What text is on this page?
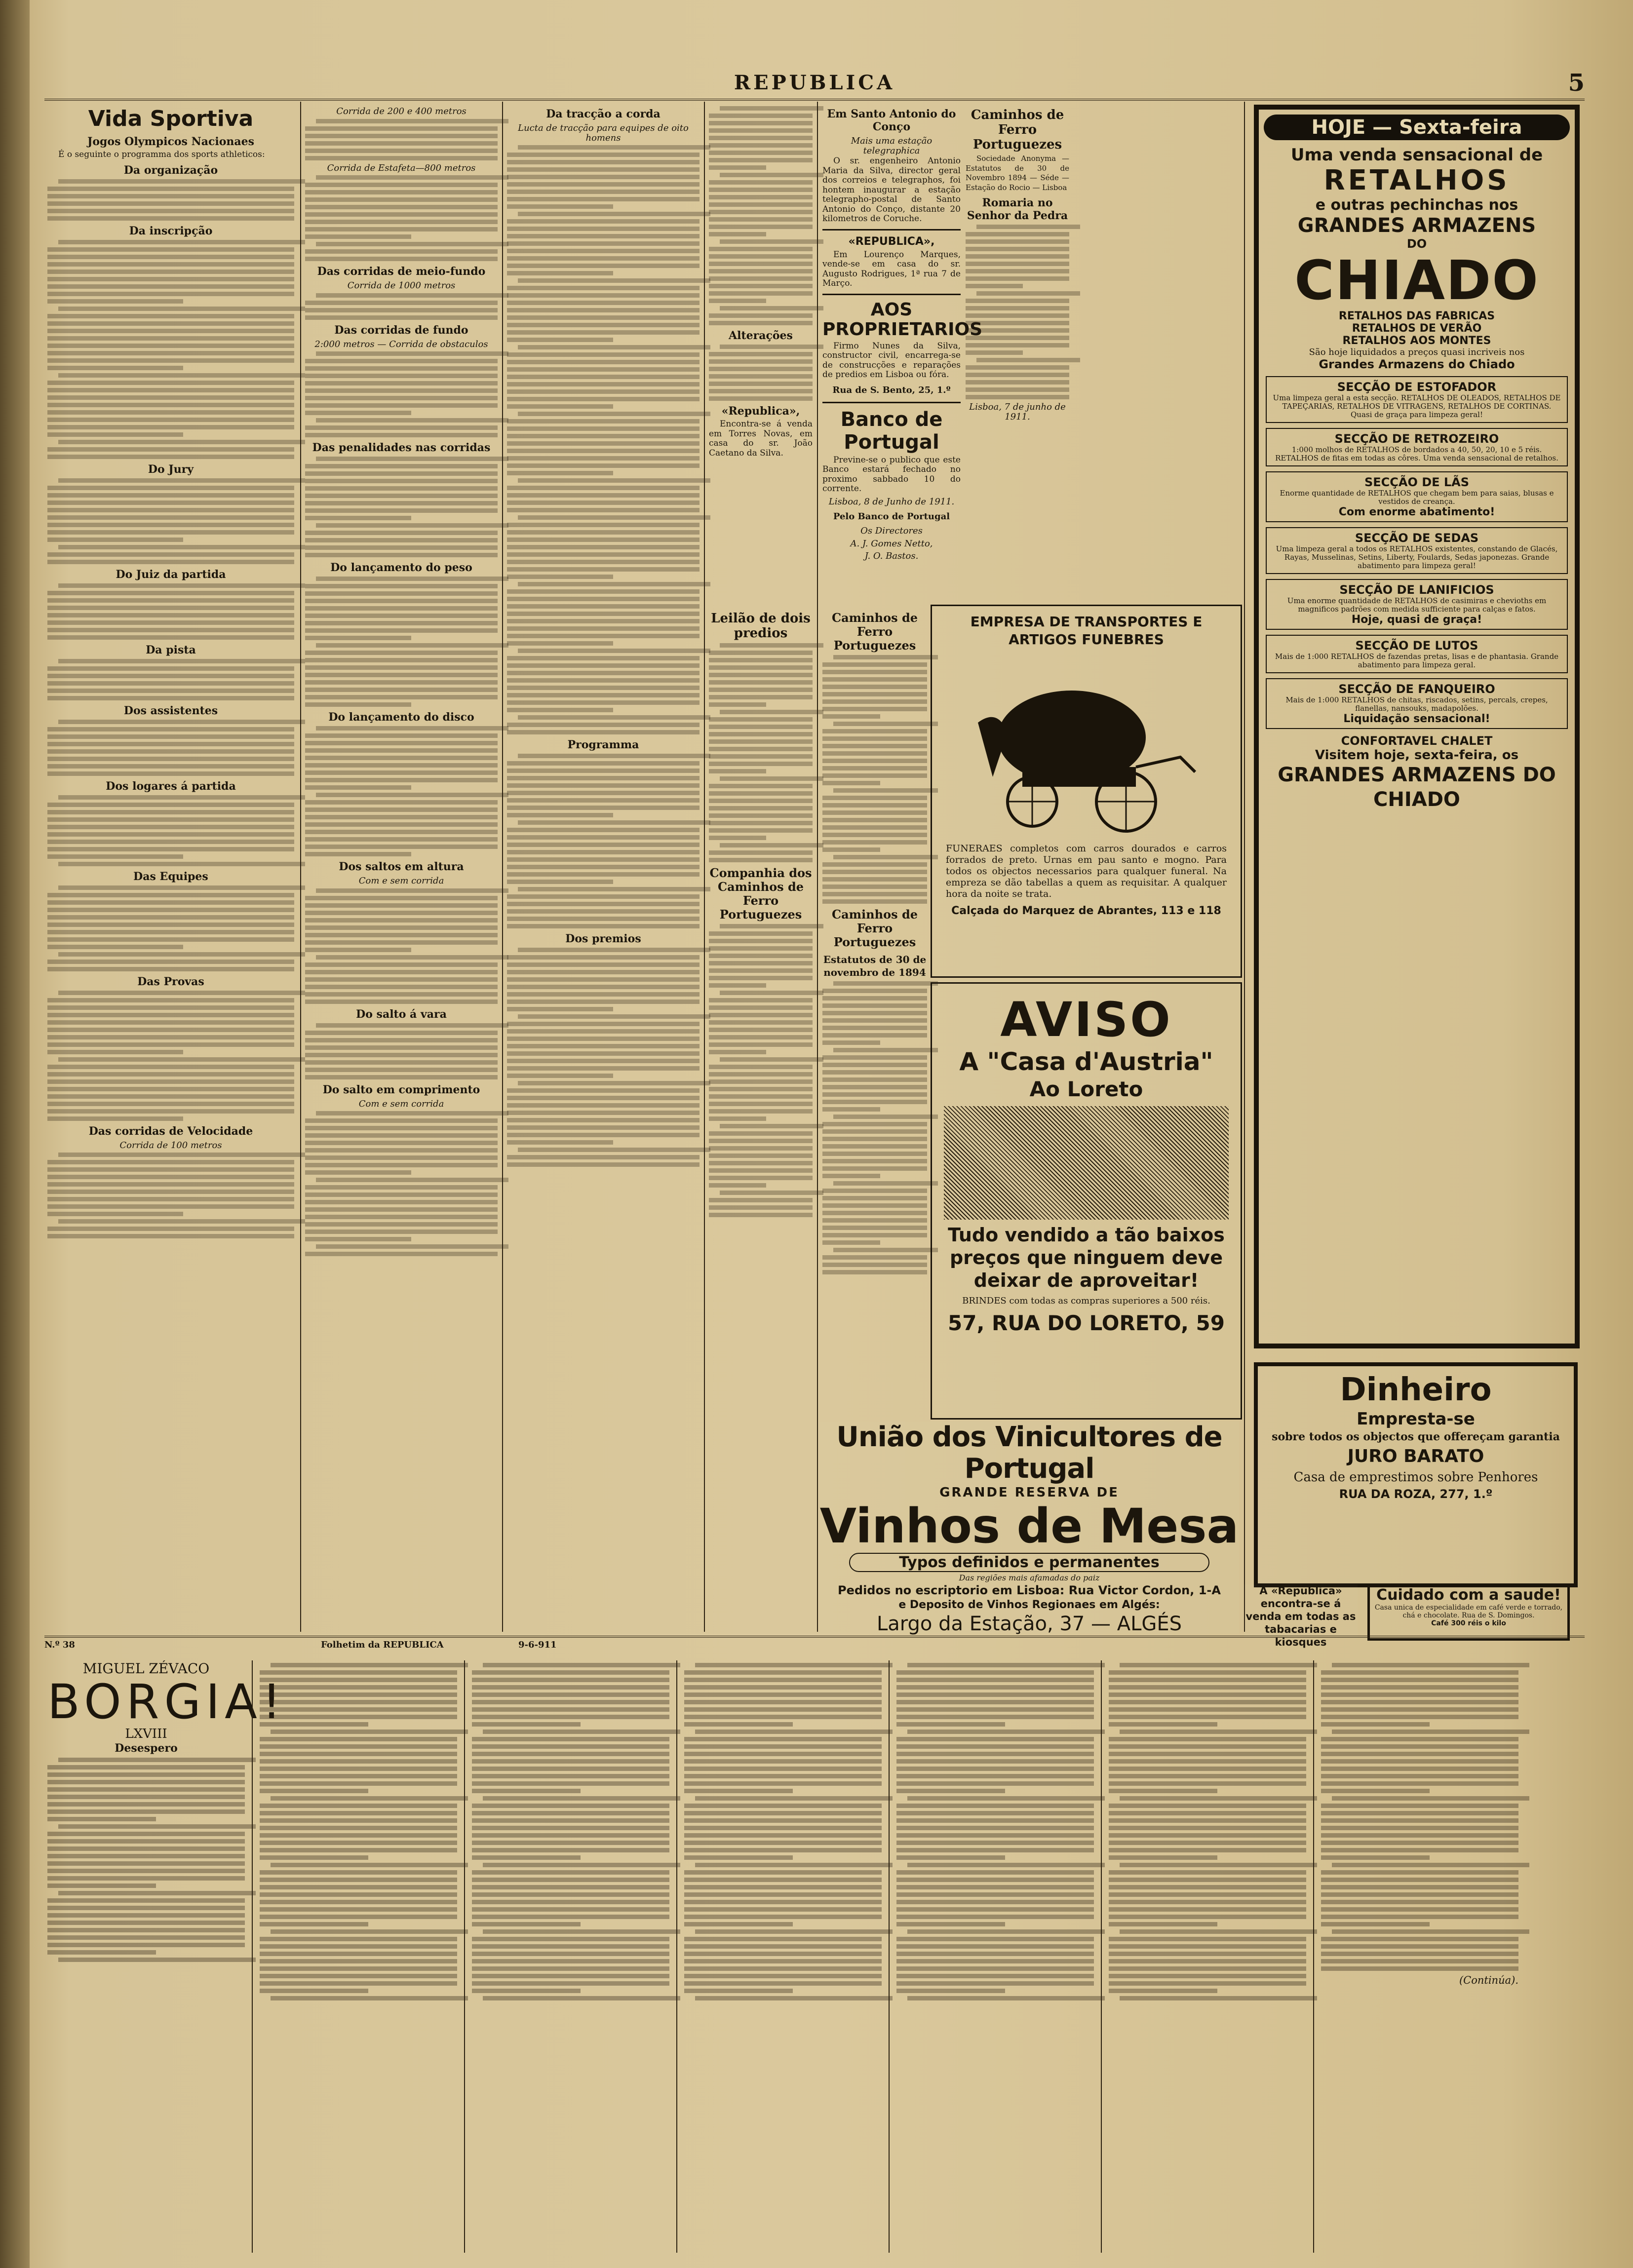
REPUBLICA	5
Vida Sportiva
Jogos Olympicos Nacionaes

É o seguinte o programma dos sports athleticos:

Da organização
Da inscripção
Do Jury
Do Juiz da partida
Da pista
Dos assistentes
Dos logares á partida
Das Equipes
Das Provas
Das corridas de Velocidade
Corrida de 100 metros
Corrida de 200 e 400 metros
Corrida de Estafeta—800 metros
Das corridas de meio-fundo
Corrida de 1000 metros
Das corridas de fundo
2:000 metros — Corrida de obstaculos
Das penalidades nas corridas
Do lançamento do peso
Do lançamento do disco
Dos saltos em altura
Com e sem corrida
Do salto á vara
Do salto em comprimento
Com e sem corrida
Da tracção a corda
Lucta de tracção para equipes de oito homens
Programma
Dos premios
Alterações
«Republica»,

Encontra-se á venda em Torres Novas, em casa do sr. João Caetano da Silva.

Em Santo Antonio do Conço
Mais uma estação telegraphica

O sr. engenheiro Antonio Maria da Silva, director geral dos correios e telegraphos, foi hontem inaugurar a estação telegrapho-postal de Santo Antonio do Conço, distante 20 kilometros de Coruche.

«REPUBLICA»,

Em Lourenço Marques, vende-se em casa do sr. Augusto Rodrigues, 1ª rua 7 de Março.

AOS PROPRIETARIOS

Firmo Nunes da Silva, constructor civil, encarrega-se de construcções e reparações de predios em Lisboa ou fóra.

Rua de S. Bento, 25, 1.º
Banco de Portugal

Previne-se o publico que este Banco estará fechado no proximo sabbado 10 do corrente.

Lisboa, 8 de Junho de 1911.
Pelo Banco de Portugal
Os Directores
A. J. Gomes Netto,
J. O. Bastos.
Caminhos de Ferro Portuguezes

Sociedade Anonyma — Estatutos de 30 de Novembro 1894 — Séde — Estação do Rocio — Lisboa

Romaria no Senhor da Pedra
Lisboa, 7 de junho de 1911.
Leilão de dois predios
Companhia dos Caminhos de Ferro Portuguezes
Caminhos de Ferro Portuguezes
Caminhos de Ferro Portuguezes
Estatutos de 30 de novembro de 1894
EMPRESA DE TRANSPORTES E ARTIGOS FUNEBRES
FUNERAES completos com carros dourados e carros forrados de preto. Urnas em pau santo e mogno. Para todos os objectos necessarios para qualquer funeral. Na empreza se dão tabellas a quem as requisitar. A qualquer hora da noite se trata.
Calçada do Marquez de Abrantes, 113 e 118
AVISO
A "Casa d'Austria"
Ao Loreto
Tudo vendido a tão baixos preços que ninguem deve deixar de aproveitar!
BRINDES com todas as compras superiores a 500 réis.
57, RUA DO LORETO, 59
União dos Vinicultores de Portugal
GRANDE RESERVA DE
Vinhos de Mesa
Typos definidos e permanentes
Das regiões mais afamadas do paiz
Pedidos no escriptorio em Lisboa: Rua Victor Cordon, 1-A
e Deposito de Vinhos Regionaes em Algés:
Largo da Estação, 37 — ALGÉS
HOJE — Sexta-feira
Uma venda sensacional de
RETALHOS
e outras pechinchas nos
GRANDES ARMAZENS
DO
CHIADO
RETALHOS DAS FABRICAS
RETALHOS DE VERÃO
RETALHOS AOS MONTES
São hoje liquidados a preços quasi incriveis nos
Grandes Armazens do Chiado
SECÇÃO DE ESTOFADOR
Uma limpeza geral a esta secção. RETALHOS DE OLEADOS, RETALHOS DE TAPEÇARIAS, RETALHOS DE VITRAGENS, RETALHOS DE CORTINAS. Quasi de graça para limpeza geral!
SECÇÃO DE RETROZEIRO
1:000 molhos de RETALHOS de bordados a 40, 50, 20, 10 e 5 réis. RETALHOS de fitas em todas as côres. Uma venda sensacional de retalhos.
SECÇÃO DE LÃS
Enorme quantidade de RETALHOS que chegam bem para saias, blusas e vestidos de creança.
Com enorme abatimento!
SECÇÃO DE SEDAS
Uma limpeza geral a todos os RETALHOS existentes, constando de Glacés, Rayas, Musselinas, Setins, Liberty, Foulards, Sedas japonezas. Grande abatimento para limpeza geral!
SECÇÃO DE LANIFICIOS
Uma enorme quantidade de RETALHOS de casimiras e chevioths em magnificos padrões com medida sufficiente para calças e fatos.
Hoje, quasi de graça!
SECÇÃO DE LUTOS
Mais de 1:000 RETALHOS de fazendas pretas, lisas e de phantasia. Grande abatimento para limpeza geral.
SECÇÃO DE FANQUEIRO
Mais de 1:000 RETALHOS de chitas, riscados, setins, percals, crepes, flanellas, nansouks, madapolões.
Liquidação sensacional!
CONFORTAVEL CHALET
Visitem hoje, sexta-feira, os
GRANDES ARMAZENS DO CHIADO
Dinheiro
Empresta-se
sobre todos os objectos que offereçam garantia
JURO BARATO
Casa de emprestimos sobre Penhores
RUA DA ROZA, 277, 1.º
A «Republica» encontra-se á venda em todas as tabacarias e kiosques
Cuidado com a saude!
Casa unica de especialidade em café verde e torrado, chá e chocolate. Rua de S. Domingos.
Café 300 réis o kilo
N.º 38	Folhetim da REPUBLICA	9-6-911
MIGUEL ZÉVACO
BORGIA!
LXVIII
Desespero
(Continúa).
